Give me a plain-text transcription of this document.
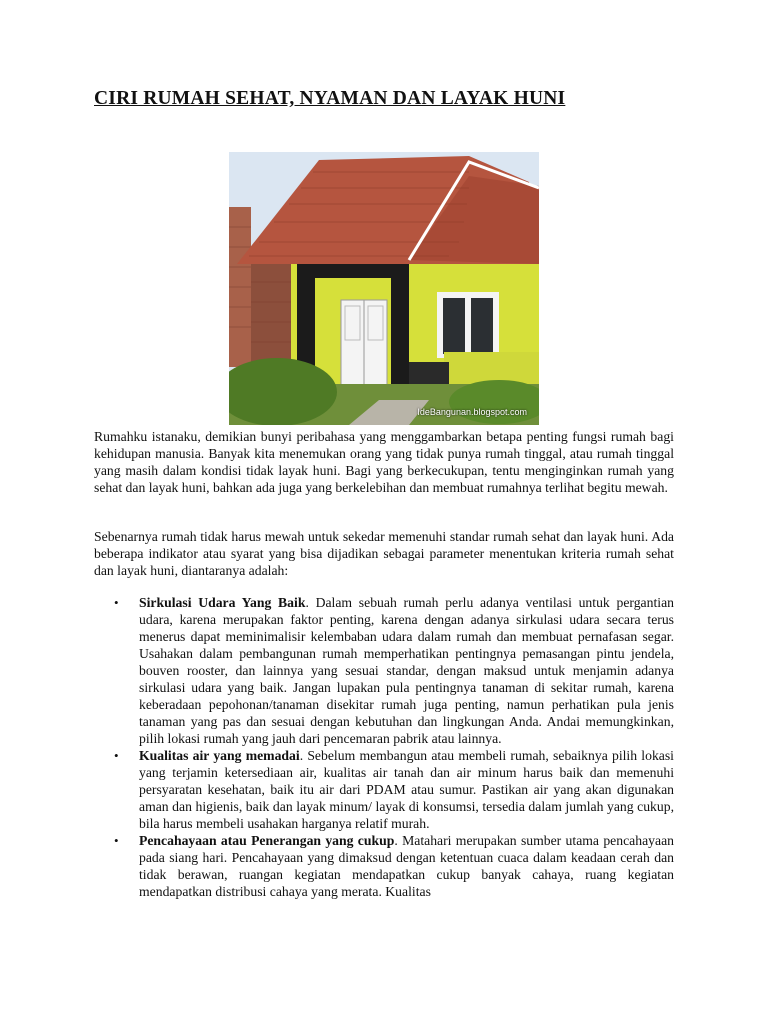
CIRI RUMAH SEHAT, NYAMAN DAN LAYAK HUNI
IdeBangunan.blogspot.com

Rumahku istanaku, demikian bunyi peribahasa yang menggambarkan betapa penting fungsi rumah bagi kehidupan manusia. Banyak kita menemukan orang yang tidak punya rumah tinggal, atau rumah tinggal yang masih dalam kondisi tidak layak huni. Bagi yang berkecukupan, tentu menginginkan rumah yang sehat dan layak huni, bahkan ada juga yang berkelebihan dan membuat rumahnya terlihat begitu mewah.

Sebenarnya rumah tidak harus mewah untuk sekedar memenuhi standar rumah sehat dan layak huni. Ada beberapa indikator atau syarat yang bisa dijadikan sebagai parameter menentukan kriteria rumah sehat dan layak huni, diantaranya adalah:

• Sirkulasi Udara Yang Baik. Dalam sebuah rumah perlu adanya ventilasi untuk pergantian udara, karena merupakan faktor penting, karena dengan adanya sirkulasi udara secara terus menerus dapat meminimalisir kelembaban udara dalam rumah dan membuat pernafasan segar. Usahakan dalam pembangunan rumah memperhatikan pentingnya pemasangan pintu jendela, bouven rooster, dan lainnya yang sesuai standar, dengan maksud untuk menjamin adanya sirkulasi udara yang baik. Jangan lupakan pula pentingnya tanaman di sekitar rumah, karena keberadaan pepohonan/tanaman disekitar rumah juga penting, namun perhatikan pula jenis tanaman yang pas dan sesuai dengan kebutuhan dan lingkungan Anda. Andai memungkinkan, pilih lokasi rumah yang jauh dari pencemaran pabrik atau lainnya.
• Kualitas air yang memadai. Sebelum membangun atau membeli rumah, sebaiknya pilih lokasi yang terjamin ketersediaan air, kualitas air tanah dan air minum harus baik dan memenuhi persyaratan kesehatan, baik itu air dari PDAM atau sumur. Pastikan air yang akan digunakan aman dan higienis, baik dan layak minum/ layak di konsumsi, tersedia dalam jumlah yang cukup, bila harus membeli usahakan harganya relatif murah.
• Pencahayaan atau Penerangan yang cukup. Matahari merupakan sumber utama pencahayaan pada siang hari. Pencahayaan yang dimaksud dengan ketentuan cuaca dalam keadaan cerah dan tidak berawan, ruangan kegiatan mendapatkan cukup banyak cahaya, ruang kegiatan mendapatkan distribusi cahaya yang merata. Kualitas
